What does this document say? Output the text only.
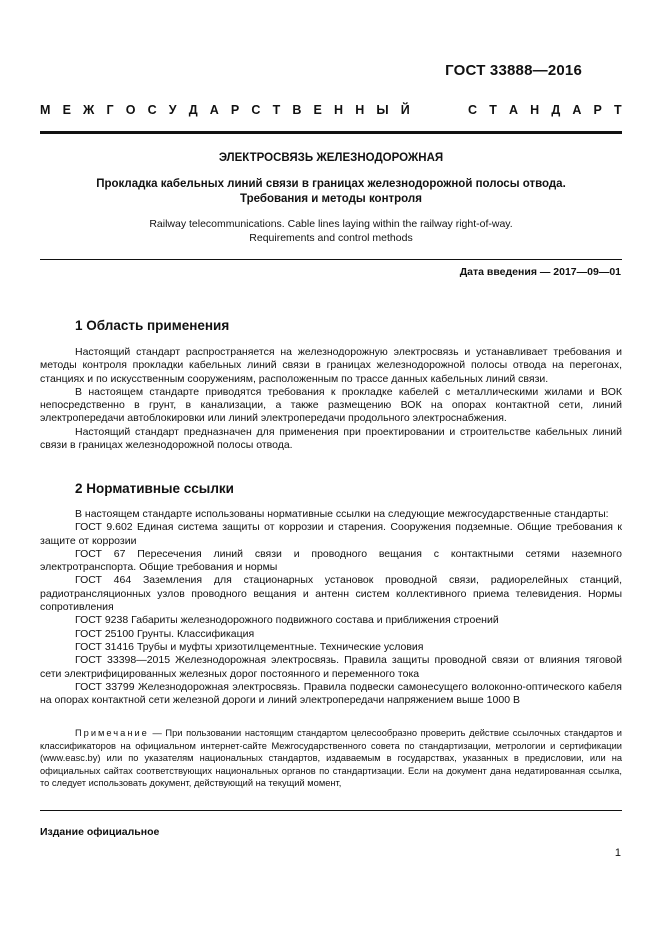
ГОСТ 33888—2016
М Е Ж Г О С У Д А Р С Т В Е Н Н Ы Й	С Т А Н Д А Р Т
ЭЛЕКТРОСВЯЗЬ ЖЕЛЕЗНОДОРОЖНАЯ
Прокладка кабельных линий связи в границах железнодорожной полосы отвода.
Требования и методы контроля
Railway telecommunications. Cable lines laying within the railway right-of-way.
Requirements and control methods
Дата введения — 2017—09—01
1 Область применения

Настоящий стандарт распространяется на железнодорожную электросвязь и устанавливает требования и методы контроля прокладки кабельных линий связи в границах железнодорожной полосы отвода на перегонах, станциях и по искусственным сооружениям, расположенным по трассе данных кабельных линий связи.

В настоящем стандарте приводятся требования к прокладке кабелей с металлическими жилами и ВОК непосредственно в грунт, в канализации, а также размещению ВОК на опорах контактной сети, линий электропередачи автоблокировки или линий электропередачи продольного электроснабжения.

Настоящий стандарт предназначен для применения при проектировании и строительстве кабельных линий связи в границах железнодорожной полосы отвода.

2 Нормативные ссылки

В настоящем стандарте использованы нормативные ссылки на следующие межгосударственные стандарты:

ГОСТ 9.602 Единая система защиты от коррозии и старения. Сооружения подземные. Общие требования к защите от коррозии

ГОСТ 67 Пересечения линий связи и проводного вещания с контактными сетями наземного электротранспорта. Общие требования и нормы

ГОСТ 464 Заземления для стационарных установок проводной связи, радиорелейных станций, радиотрансляционных узлов проводного вещания и антенн систем коллективного приема телевидения. Нормы сопротивления

ГОСТ 9238 Габариты железнодорожного подвижного состава и приближения строений

ГОСТ 25100 Грунты. Классификация

ГОСТ 31416 Трубы и муфты хризотилцементные. Технические условия

ГОСТ 33398—2015 Железнодорожная электросвязь. Правила защиты проводной связи от влияния тяговой сети электрифицированных железных дорог постоянного и переменного тока

ГОСТ 33799 Железнодорожная электросвязь. Правила подвески самонесущего волоконно-оптического кабеля на опорах контактной сети железной дороги и линий электропередачи напряжением выше 1000 В

Примечание — При пользовании настоящим стандартом целесообразно проверить действие ссылочных стандартов и классификаторов на официальном интернет-сайте Межгосударственного совета по стандартизации, метрологии и сертификации (www.easc.by) или по указателям национальных стандартов, издаваемым в государствах, указанных в предисловии, или на официальных сайтах соответствующих национальных органов по стандартизации. Если на документ дана недатированная ссылка, то следует использовать документ, действующий на текущий момент,
Издание официальное
1
